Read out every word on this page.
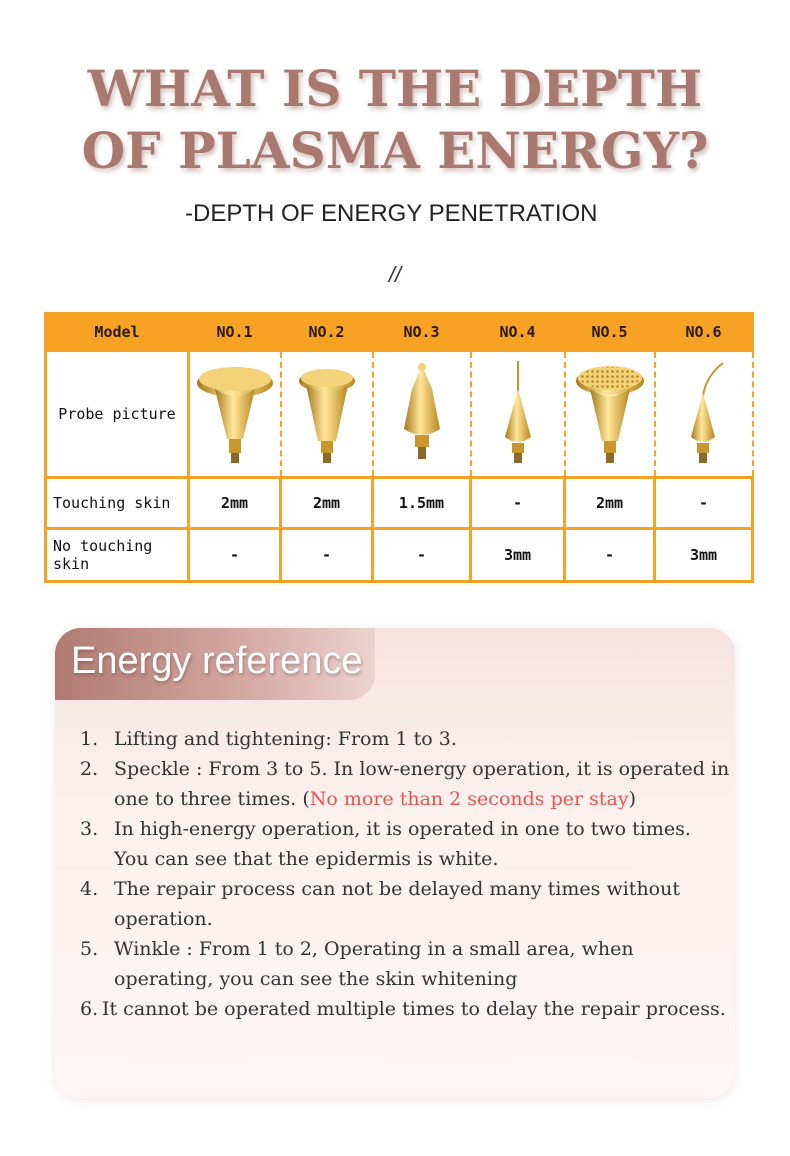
WHAT IS THE DEPTH
OF PLASMA ENERGY?

-DEPTH OF ENERGY PENETRATION

//
Model	NO.1	NO.2	NO.3	NO.4	NO.5	NO.6
Probe picture	

Touching skin	2mm	2mm	1.5mm	-	2mm	-
No touching skin	-	-	-	3mm	-	3mm
Energy reference
1. Lifting and tightening: From 1 to 3.
2. Speckle : From 3 to 5. In low-energy operation, it is operated in one to three times. (No more than 2 seconds per stay)
3. In high-energy operation, it is operated in one to two times. You can see that the epidermis is white.
4. The repair process can not be delayed many times without operation.
5. Winkle : From 1 to 2, Operating in a small area, when operating, you can see the skin whitening
6. It cannot be operated multiple times to delay the repair process.
